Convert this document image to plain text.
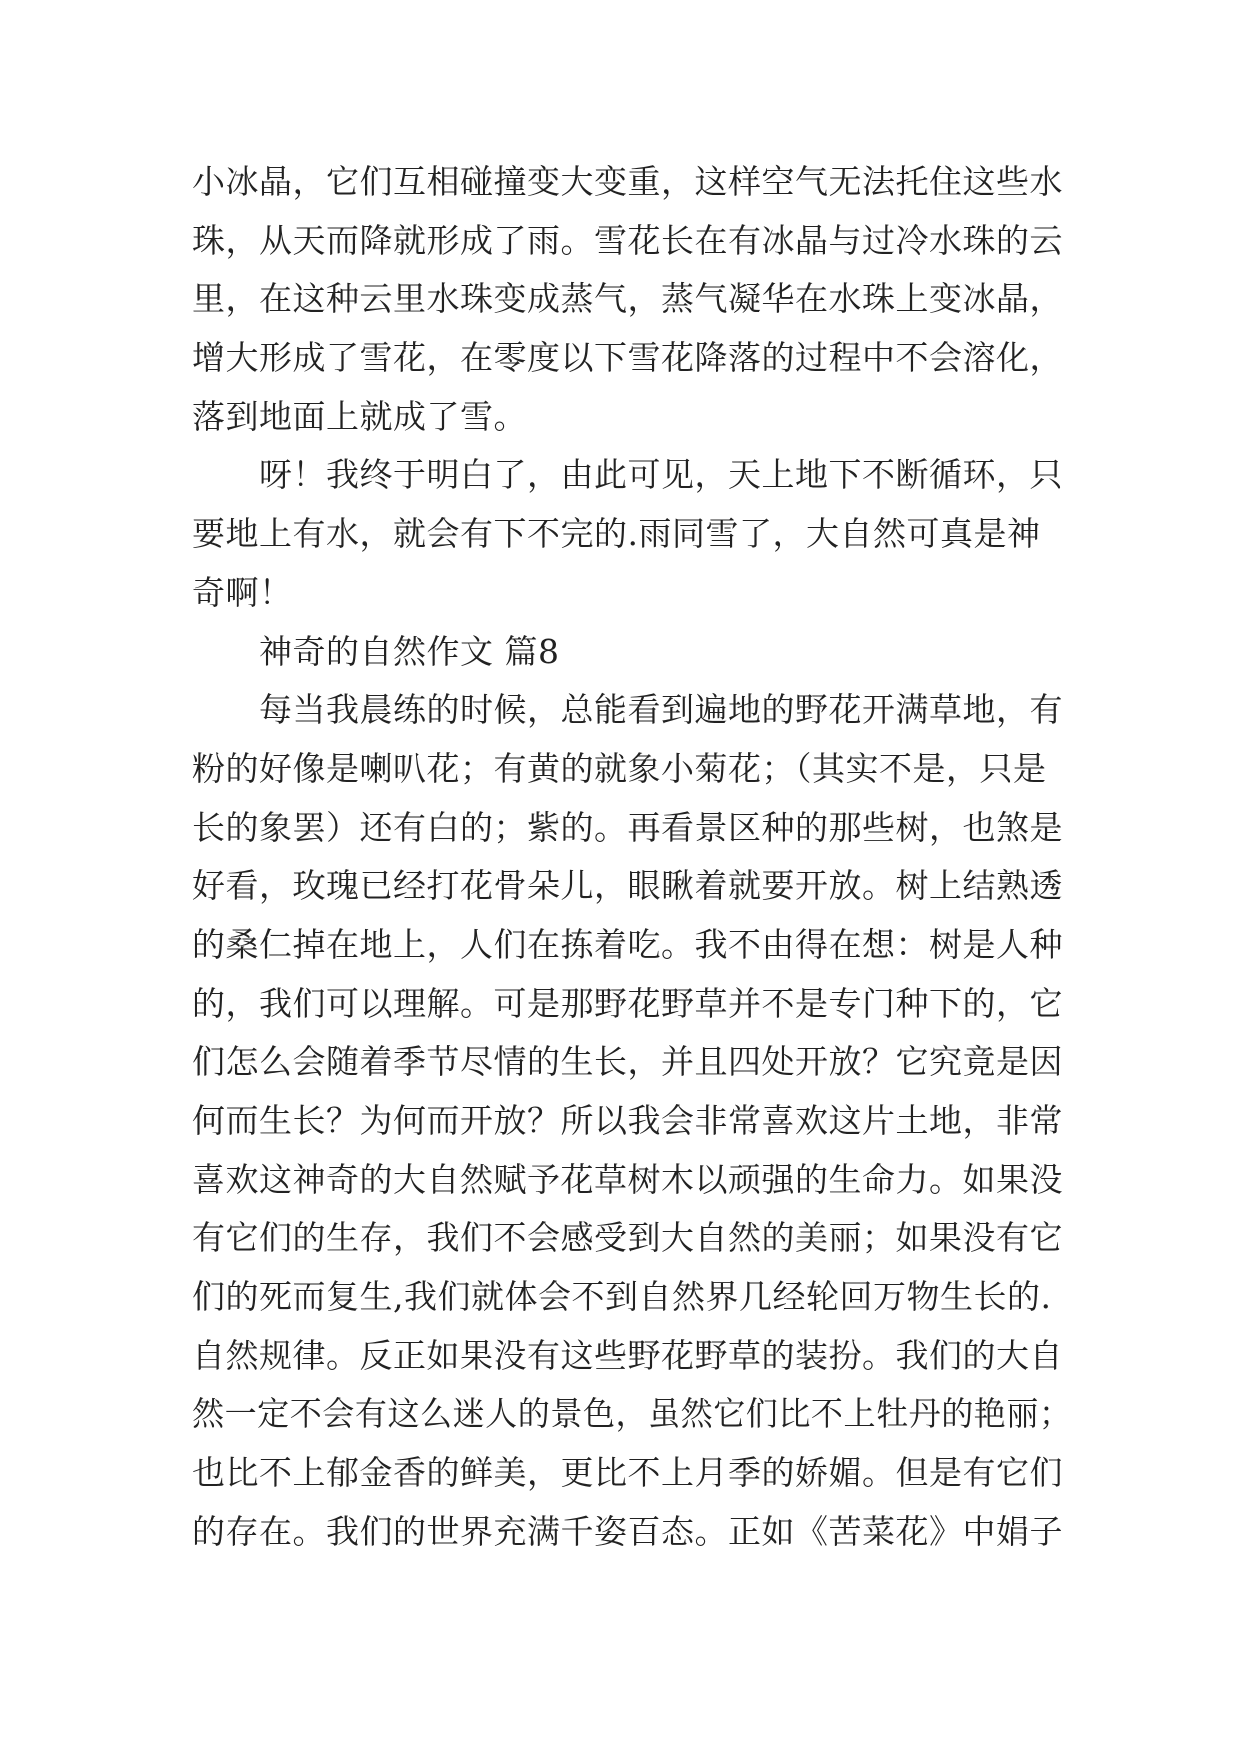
小冰晶，它们互相碰撞变大变重，这样空气无法托住这些水
珠，从天而降就形成了雨。雪花长在有冰晶与过冷水珠的云
里，在这种云里水珠变成蒸气，蒸气凝华在水珠上变冰晶，
增大形成了雪花，在零度以下雪花降落的过程中不会溶化，
落到地面上就成了雪。
　　呀！我终于明白了，由此可见，天上地下不断循环，只
要地上有水，就会有下不完的.雨同雪了，大自然可真是神
奇啊！
　　神奇的自然作文 篇8
　　每当我晨练的时候，总能看到遍地的野花开满草地，有
粉的好像是喇叭花；有黄的就象小菊花；（其实不是，只是
长的象罢）还有白的；紫的。再看景区种的那些树，也煞是
好看，玫瑰已经打花骨朵儿，眼瞅着就要开放。树上结熟透
的桑仁掉在地上，人们在拣着吃。我不由得在想：树是人种
的，我们可以理解。可是那野花野草并不是专门种下的，它
们怎么会随着季节尽情的生长，并且四处开放？它究竟是因
何而生长？为何而开放？所以我会非常喜欢这片土地，非常
喜欢这神奇的大自然赋予花草树木以顽强的生命力。如果没
有它们的生存，我们不会感受到大自然的美丽；如果没有它
们的死而复生,我们就体会不到自然界几经轮回万物生长的.
自然规律。反正如果没有这些野花野草的装扮。我们的大自
然一定不会有这么迷人的景色，虽然它们比不上牡丹的艳丽；
也比不上郁金香的鲜美，更比不上月季的娇媚。但是有它们
的存在。我们的世界充满千姿百态。正如《苦菜花》中娟子
